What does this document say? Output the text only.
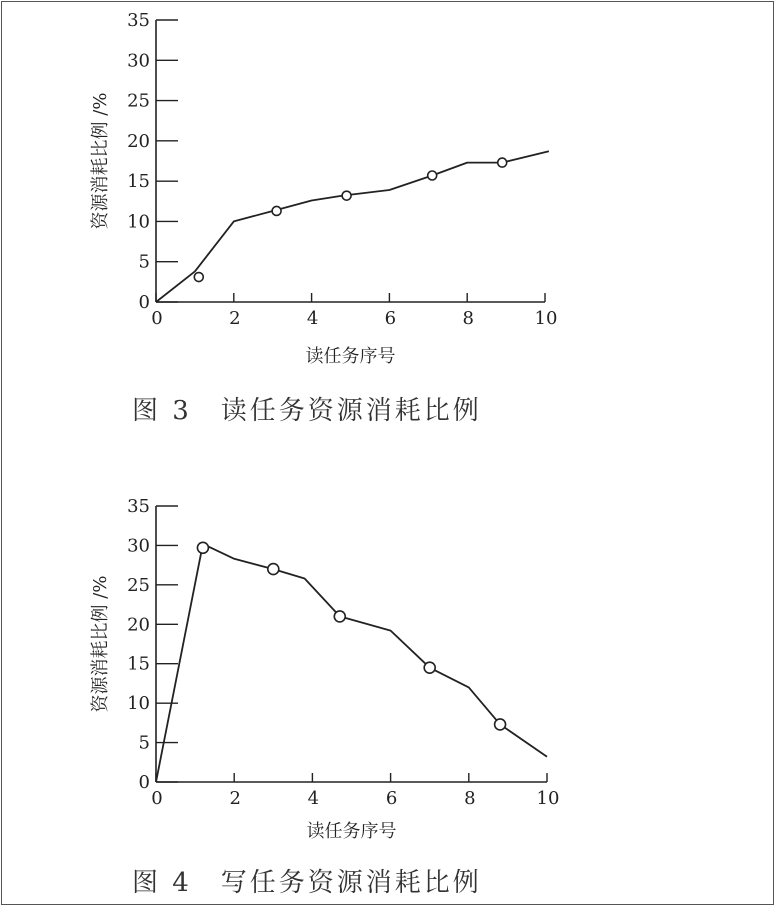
0
5
10
15
20
25
30
35
0	2	4	6	8	10
读任务序号
资源消耗比例 /%
图 3　读任务资源消耗比例
0
5
10
15
20
25
30
35
0	2	4	6	8	10
读任务序号
资源消耗比例 /%
图 4　写任务资源消耗比例
